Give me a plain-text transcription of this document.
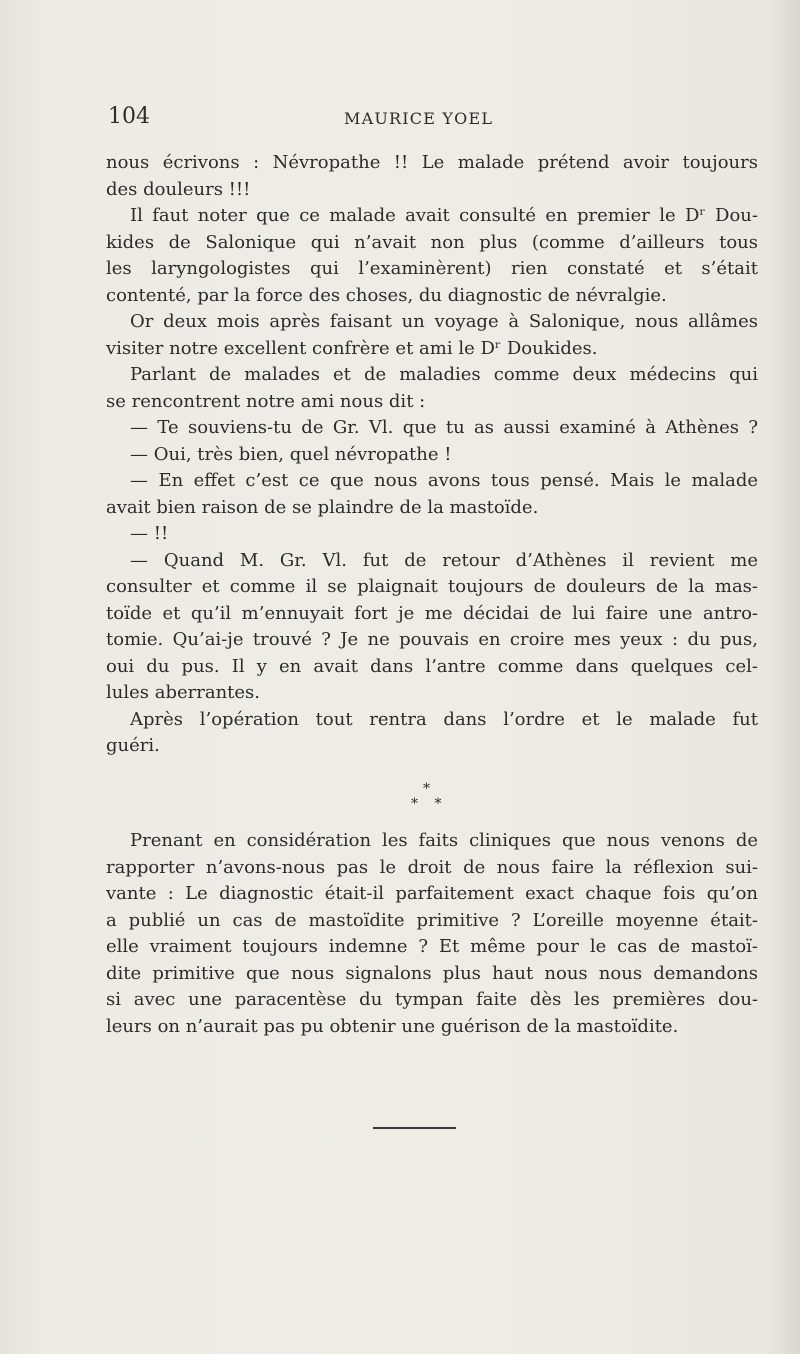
104	MAURICE YOEL
nous écrivons : Névropathe !! Le malade prétend avoir toujours
des douleurs !!!
Il faut noter que ce malade avait consulté en premier le Dʳ Dou-
kides de Salonique qui n’avait non plus (comme d’ailleurs tous
les laryngologistes qui l’examinèrent) rien constaté et s’était
contenté, par la force des choses, du diagnostic de névralgie.
Or deux mois après faisant un voyage à Salonique, nous allâmes
visiter notre excellent confrère et ami le Dʳ Doukides.
Parlant de malades et de maladies comme deux médecins qui
se rencontrent notre ami nous dit :
— Te souviens-tu de Gr. Vl. que tu as aussi examiné à Athènes ?
— Oui, très bien, quel névropathe !
— En effet c’est ce que nous avons tous pensé. Mais le malade
avait bien raison de se plaindre de la mastoïde.
— !!
— Quand M. Gr. Vl. fut de retour d’Athènes il revient me
consulter et comme il se plaignait toujours de douleurs de la mas-
toïde et qu’il m’ennuyait fort je me décidai de lui faire une antro-
tomie. Qu’ai-je trouvé ? Je ne pouvais en croire mes yeux : du pus,
oui du pus. Il y en avait dans l’antre comme dans quelques cel-
lules aberrantes.
Après l’opération tout rentra dans l’ordre et le malade fut
guéri.
*
* *
Prenant en considération les faits cliniques que nous venons de
rapporter n’avons-nous pas le droit de nous faire la réflexion sui-
vante : Le diagnostic était-il parfaitement exact chaque fois qu’on
a publié un cas de mastoïdite primitive ? L’oreille moyenne était-
elle vraiment toujours indemne ? Et même pour le cas de mastoï-
dite primitive que nous signalons plus haut nous nous demandons
si avec une paracentèse du tympan faite dès les premières dou-
leurs on n’aurait pas pu obtenir une guérison de la mastoïdite.
